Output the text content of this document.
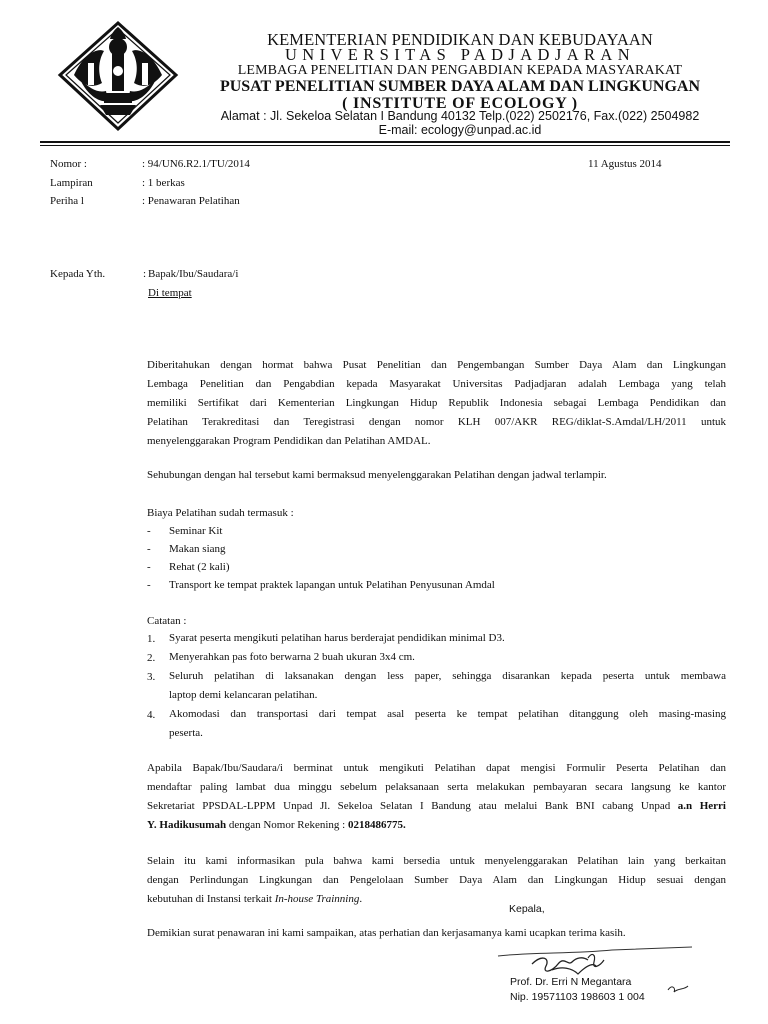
KEMENTERIAN PENDIDIKAN DAN KEBUDAYAAN
UNIVERSITAS PADJADJARAN
LEMBAGA PENELITIAN DAN PENGABDIAN KEPADA MASYARAKAT
PUSAT PENELITIAN SUMBER DAYA ALAM DAN LINGKUNGAN
( INSTITUTE OF ECOLOGY )
Alamat : Jl. Sekeloa Selatan I Bandung 40132 Telp.(022) 2502176, Fax.(022) 2504982
E-mail: ecology@unpad.ac.id
Nomor :	: 94/UN6.R2.1/TU/2014	11 Agustus 2014
Lampiran	: 1 berkas
Periha l	: Penawaran Pelatihan
Kepada Yth.	: Bapak/Ibu/Saudara/i
Di tempat
Diberitahukan dengan hormat bahwa Pusat Penelitian dan Pengembangan Sumber Daya Alam dan Lingkungan
Lembaga Penelitian dan Pengabdian kepada Masyarakat Universitas Padjadjaran adalah Lembaga yang telah
memiliki Sertifikat dari Kementerian Lingkungan Hidup Republik Indonesia sebagai Lembaga Pendidikan dan
Pelatihan Terakreditasi dan Teregistrasi dengan nomor KLH 007/AKR REG/diklat-S.Amdal/LH/2011 untuk
menyelenggarakan Program Pendidikan dan Pelatihan AMDAL.
Sehubungan dengan hal tersebut kami bermaksud menyelenggarakan Pelatihan dengan jadwal terlampir.
Biaya Pelatihan sudah termasuk :
- Seminar Kit
- Makan siang
- Rehat (2 kali)
- Transport ke tempat praktek lapangan untuk Pelatihan Penyusunan Amdal
Catatan :
1. Syarat peserta mengikuti pelatihan harus berderajat pendidikan minimal D3.
2. Menyerahkan pas foto berwarna 2 buah ukuran 3x4 cm.
3. Seluruh pelatihan di laksanakan dengan less paper, sehingga disarankan kepada peserta untuk membawa
laptop demi kelancaran pelatihan.
4. Akomodasi dan transportasi dari tempat asal peserta ke tempat pelatihan ditanggung oleh masing-masing
peserta.
Apabila Bapak/Ibu/Saudara/i berminat untuk mengikuti Pelatihan dapat mengisi Formulir Peserta Pelatihan dan
mendaftar paling lambat dua minggu sebelum pelaksanaan serta melakukan pembayaran secara langsung ke kantor
Sekretariat PPSDAL-LPPM Unpad Jl. Sekeloa Selatan I Bandung atau melalui Bank BNI cabang Unpad a.n Herri
Y. Hadikusumah dengan Nomor Rekening : 0218486775.
Selain itu kami informasikan pula bahwa kami bersedia untuk menyelenggarakan Pelatihan lain yang berkaitan
dengan Perlindungan Lingkungan dan Pengelolaan Sumber Daya Alam dan Lingkungan Hidup sesuai dengan
kebutuhan di Instansi terkait In-house Trainning.
Kepala,
Demikian surat penawaran ini kami sampaikan, atas perhatian dan kerjasamanya kami ucapkan terima kasih.
Prof. Dr. Erri N Megantara
Nip. 19571103 198603 1 004
